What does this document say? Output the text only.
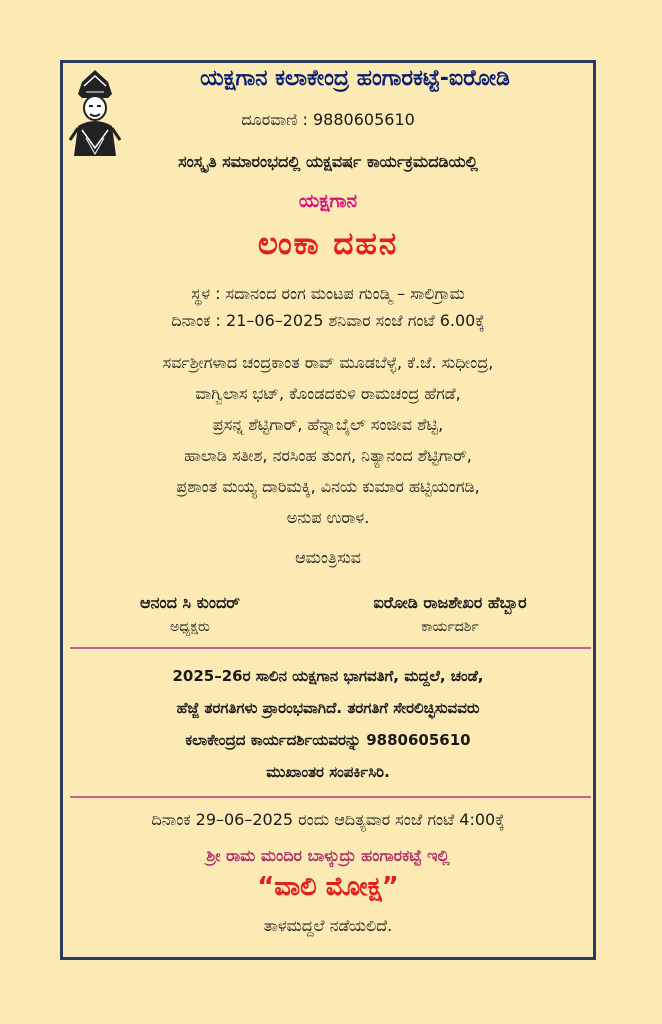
ಯಕ್ಷಗಾನ ಕಲಾಕೇಂದ್ರ ಹಂಗಾರಕಟ್ಟೆ-ಐರೋಡಿ
ದೂರವಾಣಿ : 9880605610
ಸಂಸ್ಕೃತಿ ಸಮಾರಂಭದಲ್ಲಿ ಯಕ್ಷವರ್ಷ ಕಾರ್ಯಕ್ರಮದಡಿಯಲ್ಲಿ
ಯಕ್ಷಗಾನ
ಲಂಕಾ ದಹನ
ಸ್ಥಳ : ಸದಾನಂದ ರಂಗ ಮಂಟಪ ಗುಂಡ್ಮಿ – ಸಾಲಿಗ್ರಾಮ
ದಿನಾಂಕ : 21–06–2025 ಶನಿವಾರ ಸಂಜೆ ಗಂಟೆ 6.00ಕ್ಕೆ
ಸರ್ವಶ್ರೀಗಳಾದ ಚಂದ್ರಕಾಂತ ರಾವ್ ಮೂಡಬೆಳ್ಳೆ, ಕೆ.ಜೆ. ಸುಧೀಂದ್ರ,
ವಾಗ್ವಿಲಾಸ ಭಟ್, ಕೊಂಡದಕುಳಿ ರಾಮಚಂದ್ರ ಹೆಗಡೆ,
ಪ್ರಸನ್ನ ಶೆಟ್ಟಿಗಾರ್, ಹೆನ್ನಾಬೈಲ್ ಸಂಜೀವ ಶೆಟ್ಟಿ,
ಹಾಲಾಡಿ ಸತೀಶ, ನರಸಿಂಹ ತುಂಗ, ನಿತ್ಯಾನಂದ ಶೆಟ್ಟಿಗಾರ್,
ಪ್ರಶಾಂತ ಮಯ್ಯ ದಾರಿಮಕ್ಕಿ, ವಿನಯ ಕುಮಾರ ಹಟ್ಟಿಯಂಗಡಿ,
ಅನುಪ ಉರಾಳ.
ಆಮಂತ್ರಿಸುವ
ಆನಂದ ಸಿ ಕುಂದರ್
ಅಧ್ಯಕ್ಷರು
ಐರೋಡಿ ರಾಜಶೇಖರ ಹೆಬ್ಬಾರ
ಕಾರ್ಯದರ್ಶಿ
2025–26ರ ಸಾಲಿನ ಯಕ್ಷಗಾನ ಭಾಗವತಿಗೆ, ಮದ್ದಲೆ, ಚಂಡೆ,
ಹೆಜ್ಜೆ ತರಗತಿಗಳು ಪ್ರಾರಂಭವಾಗಿದೆ. ತರಗತಿಗೆ ಸೇರಲಿಚ್ಛಿಸುವವರು
ಕಲಾಕೇಂದ್ರದ ಕಾರ್ಯದರ್ಶಿಯವರನ್ನು 9880605610
ಮುಖಾಂತರ ಸಂಪರ್ಕಿಸಿರಿ.
ದಿನಾಂಕ 29–06–2025 ರಂದು ಆದಿತ್ಯವಾರ ಸಂಜೆ ಗಂಟೆ 4:00ಕ್ಕೆ
ಶ್ರೀ ರಾಮ ಮಂದಿರ ಬಾಳ್ಕುದ್ರು ಹಂಗಾರಕಟ್ಟೆ ಇಲ್ಲಿ
“ವಾಲಿ ಮೋಕ್ಷ”
ತಾಳಮದ್ದಲೆ ನಡೆಯಲಿದೆ.
